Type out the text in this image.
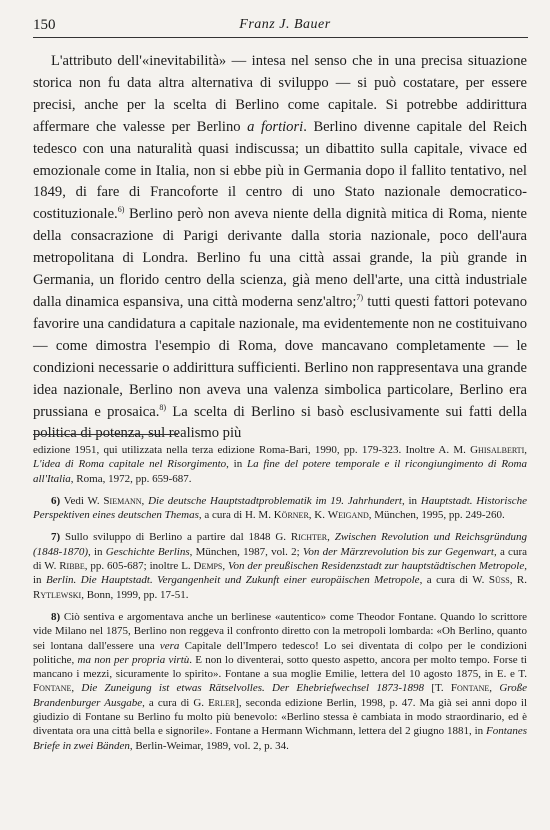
150	Franz J. Bauer

L'attributo dell'«inevitabilità» — intesa nel senso che in una precisa situazione storica non fu data altra alternativa di sviluppo — si può costatare, per essere precisi, anche per la scelta di Berlino come capitale. Si potrebbe addirittura affermare che valesse per Berlino a fortiori. Berlino divenne capitale del Reich tedesco con una naturalità quasi indiscussa; un dibattito sulla capitale, vivace ed emozionale come in Italia, non si ebbe più in Germania dopo il fallito tentativo, nel 1849, di fare di Francoforte il centro di uno Stato nazionale democratico-costituzionale.$^{6)}$ Berlino però non aveva niente della dignità mitica di Roma, niente della consacrazione di Parigi derivante dalla storia nazionale, poco dell'aura metropolitana di Londra. Berlino fu una città assai grande, la più grande in Germania, un florido centro della scienza, già meno dell'arte, una città industriale dalla dinamica espansiva, una città moderna senz'altro;$^{7)}$ tutti questi fattori potevano favorire una candidatura a capitale nazionale, ma evidentemente non ne costituivano — come dimostra l'esempio di Roma, dove mancavano completamente — le condizioni necessarie o addirittura sufficienti. Berlino non rappresentava una grande idea nazionale, Berlino non aveva una valenza simbolica particolare, Berlino era prussiana e prosaica.$^{8)}$ La scelta di Berlino si basò esclusivamente sui fatti della politica di potenza, sul realismo più

edizione 1951, qui utilizzata nella terza edizione Roma-Bari, 1990, pp. 179-323. Inoltre A. M. Ghisalberti, L'idea di Roma capitale nel Risorgimento, in La fine del potere temporale e il ricongiungimento di Roma all'Italia, Roma, 1972, pp. 659-687.

6) Vedi W. Siemann, Die deutsche Hauptstadtproblematik im 19. Jahrhundert, in Hauptstadt. Historische Perspektiven eines deutschen Themas, a cura di H. M. Körner, K. Weigand, München, 1995, pp. 249-260.

7) Sullo sviluppo di Berlino a partire dal 1848 G. Richter, Zwischen Revolution und Reichsgründung (1848-1870), in Geschichte Berlins, München, 1987, vol. 2; Von der Märzrevolution bis zur Gegenwart, a cura di W. Ribbe, pp. 605-687; inoltre L. Demps, Von der preußischen Residenzstadt zur hauptstädtischen Metropole, in Berlin. Die Hauptstadt. Vergangenheit und Zukunft einer europäischen Metropole, a cura di W. Süss, R. Rytlewski, Bonn, 1999, pp. 17-51.

8) Ciò sentiva e argomentava anche un berlinese «autentico» come Theodor Fontane. Quando lo scrittore vide Milano nel 1875, Berlino non reggeva il confronto diretto con la metropoli lombarda: «Oh Berlino, quanto sei lontana dall'essere una vera Capitale dell'Impero tedesco! Lo sei diventata di colpo per le condizioni politiche, ma non per propria virtù. E non lo diventerai, sotto questo aspetto, ancora per molto tempo. Forse ti mancano i mezzi, sicuramente lo spirito». Fontane a sua moglie Emilie, lettera del 10 agosto 1875, in E. e T. Fontane, Die Zuneigung ist etwas Rätselvolles. Der Ehebriefwechsel 1873-1898 [T. Fontane, Große Brandenburger Ausgabe, a cura di G. Erler], seconda edizione Berlin, 1998, p. 47. Ma già sei anni dopo il giudizio di Fontane su Berlino fu molto più benevolo: «Berlino stessa è cambiata in modo straordinario, ed è diventata ora una città bella e signorile». Fontane a Hermann Wichmann, lettera del 2 giugno 1881, in Fontanes Briefe in zwei Bänden, Berlin-Weimar, 1989, vol. 2, p. 34.
